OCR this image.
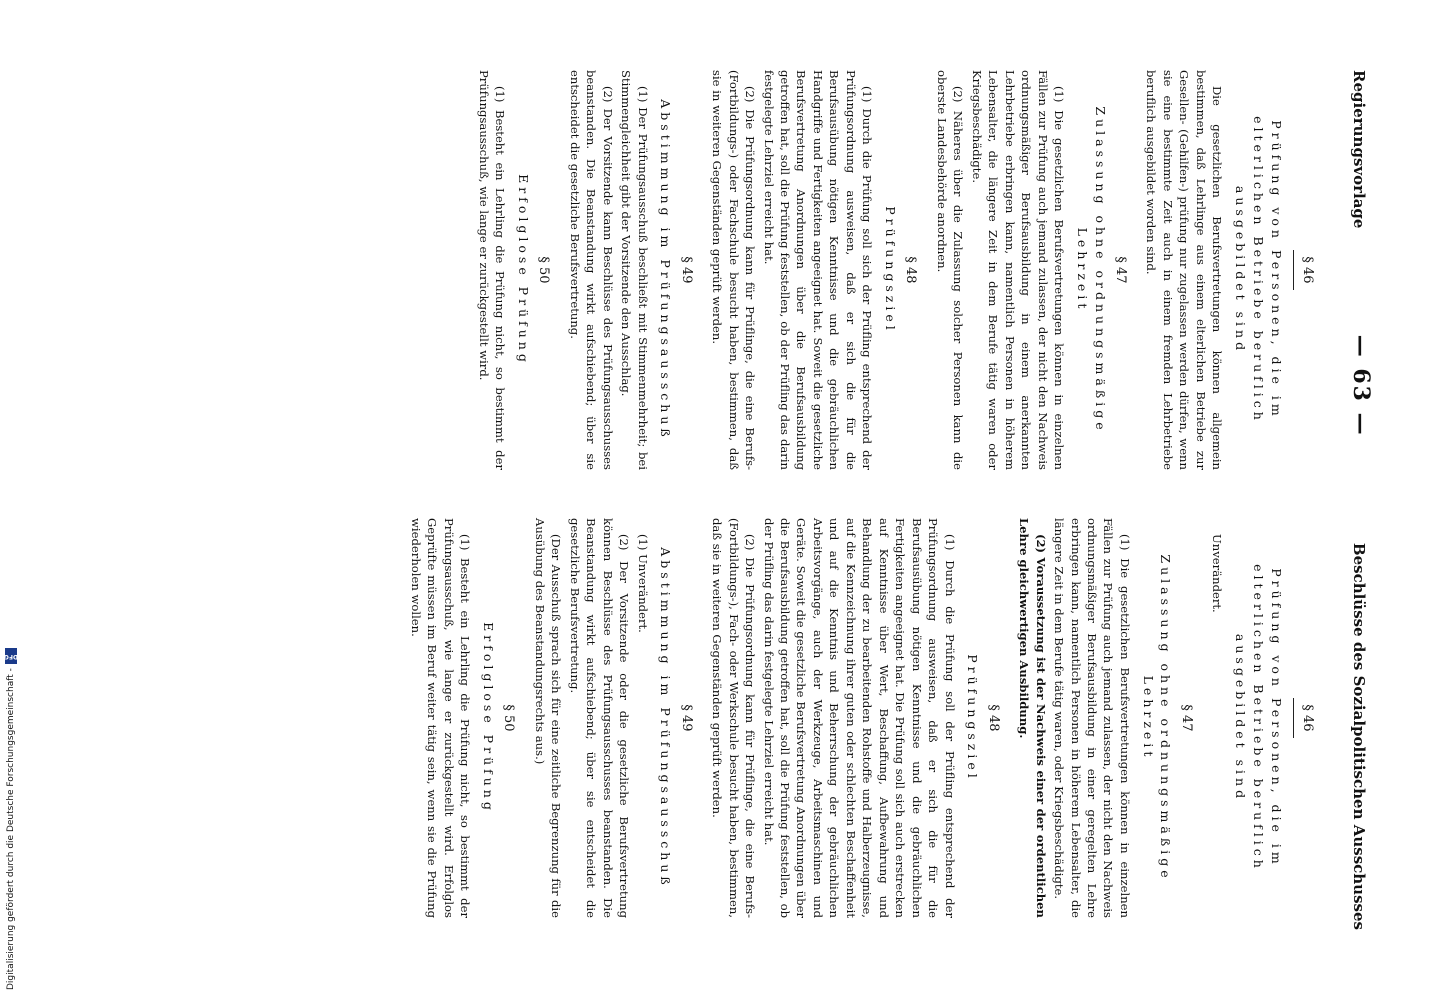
Digitalisierung gefördert durch die Deutsche Forschungsgemeinschaft -
DFG
Regierungsvorlage
— 63 —
Beschlüsse des Sozialpolitischen Ausschusses
§ 46
Prüfung von Personen, die im elterlichen Betriebe beruflich ausgebildet sind

Die gesetzlichen Berufsvertretungen können allgemein bestimmen, daß Lehrlinge aus einem elterlichen Betriebe zur Gesellen- (Gehilfen-) prüfung nur zugelassen werden dürfen, wenn sie eine bestimmte Zeit auch in einem fremden Lehrbetriebe beruflich ausgebildet worden sind.

§ 47
Zulassung ohne ordnungsmäßige Lehrzeit

(1) Die gesetzlichen Berufsvertretungen können in einzelnen Fällen zur Prüfung auch jemand zulassen, der nicht den Nachweis ordnungsmäßiger Berufsausbildung in einem anerkannten Lehrbetriebe erbringen kann, namentlich Personen in höherem Lebensalter, die längere Zeit in dem Berufe tätig waren oder Kriegsbeschädigte.

(2) Näheres über die Zulassung solcher Personen kann die oberste Landesbehörde anordnen.

§ 48
Prüfungsziel

(1) Durch die Prüfung soll sich der Prüfling entsprechend der Prüfungsordnung ausweisen, daß er sich die für die Berufsausübung nötigen Kenntnisse und die gebräuchlichen Handgriffe und Fertigkeiten angeeignet hat. Soweit die gesetzliche Berufsvertretung Anordnungen über die Berufsausbildung getroffen hat, soll die Prüfung feststellen, ob der Prüfling das darin festgelegte Lehrziel erreicht hat.

(2) Die Prüfungsordnung kann für Prüflinge, die eine Berufs- (Fortbildungs-) oder Fachschule besucht haben, bestimmen, daß sie in weiteren Gegenständen geprüft werden.

§ 49
Abstimmung im Prüfungsausschuß

(1) Der Prüfungsausschuß beschließt mit Stimmenmehrheit; bei Stimmengleichheit gibt der Vorsitzende den Ausschlag.

(2) Der Vorsitzende kann Beschlüsse des Prüfungsausschusses beanstanden. Die Beanstandung wirkt aufschiebend; über sie entscheidet die gesetzliche Berufsvertretung.

§ 50
Erfolglose Prüfung

(1) Besteht ein Lehrling die Prüfung nicht, so bestimmt der Prüfungsausschuß, wie lange er zurückgestellt wird.

§ 46
Prüfung von Personen, die im elterlichen Betriebe beruflich ausgebildet sind

Unverändert.

§ 47
Zulassung ohne ordnungsmäßige Lehrzeit

(1) Die gesetzlichen Berufsvertretungen können in einzelnen Fällen zur Prüfung auch jemand zulassen, der nicht den Nachweis ordnungsmäßiger Berufsausbildung in einer geregelten Lehre erbringen kann, namentlich Personen in höherem Lebensalter, die längere Zeit in dem Berufe tätig waren, oder Kriegsbeschädigte.

(2) Voraussetzung ist der Nachweis einer der ordentlichen Lehre gleichwertigen Ausbildung.

§ 48
Prüfungsziel

(1) Durch die Prüfung soll der Prüfling entsprechend der Prüfungsordnung ausweisen, daß er sich die für die Berufsausübung nötigen Kenntnisse und die gebräuchlichen Fertigkeiten angeeignet hat. Die Prüfung soll sich auch erstrecken auf Kenntnisse über Wert, Beschaffung, Aufbewahrung und Behandlung der zu bearbeitenden Rohstoffe und Halberzeugnisse, auf die Kennzeichnung ihrer guten oder schlechten Beschaffenheit und auf die Kenntnis und Beherrschung der gebräuchlichen Arbeitsvorgänge, auch der Werkzeuge, Arbeitsmaschinen und Geräte. Soweit die gesetzliche Berufsvertretung Anordnungen über die Berufsausbildung getroffen hat, soll die Prüfung feststellen, ob der Prüfling das darin festgelegte Lehrziel erreicht hat.

(2) Die Prüfungsordnung kann für Prüflinge, die eine Berufs- (Fortbildungs-), Fach- oder Werkschule besucht haben, bestimmen, daß sie in weiteren Gegenständen geprüft werden.

§ 49
Abstimmung im Prüfungsausschuß

(1) Unverändert.

(2) Der Vorsitzende oder die gesetzliche Berufsvertretung können Beschlüsse des Prüfungsausschusses beanstanden. Die Beanstandung wirkt aufschiebend; über sie entscheidet die gesetzliche Berufsvertretung.

(Der Ausschuß sprach sich für eine zeitliche Begrenzung für die Ausübung des Beanstandungsrechts aus.)

§ 50
Erfolglose Prüfung

(1) Besteht ein Lehrling die Prüfung nicht, so bestimmt der Prüfungsausschuß, wie lange er zurückgestellt wird. Erfolglos Geprüfte müssen im Beruf weiter tätig sein, wenn sie die Prüfung wiederholen wollen.
